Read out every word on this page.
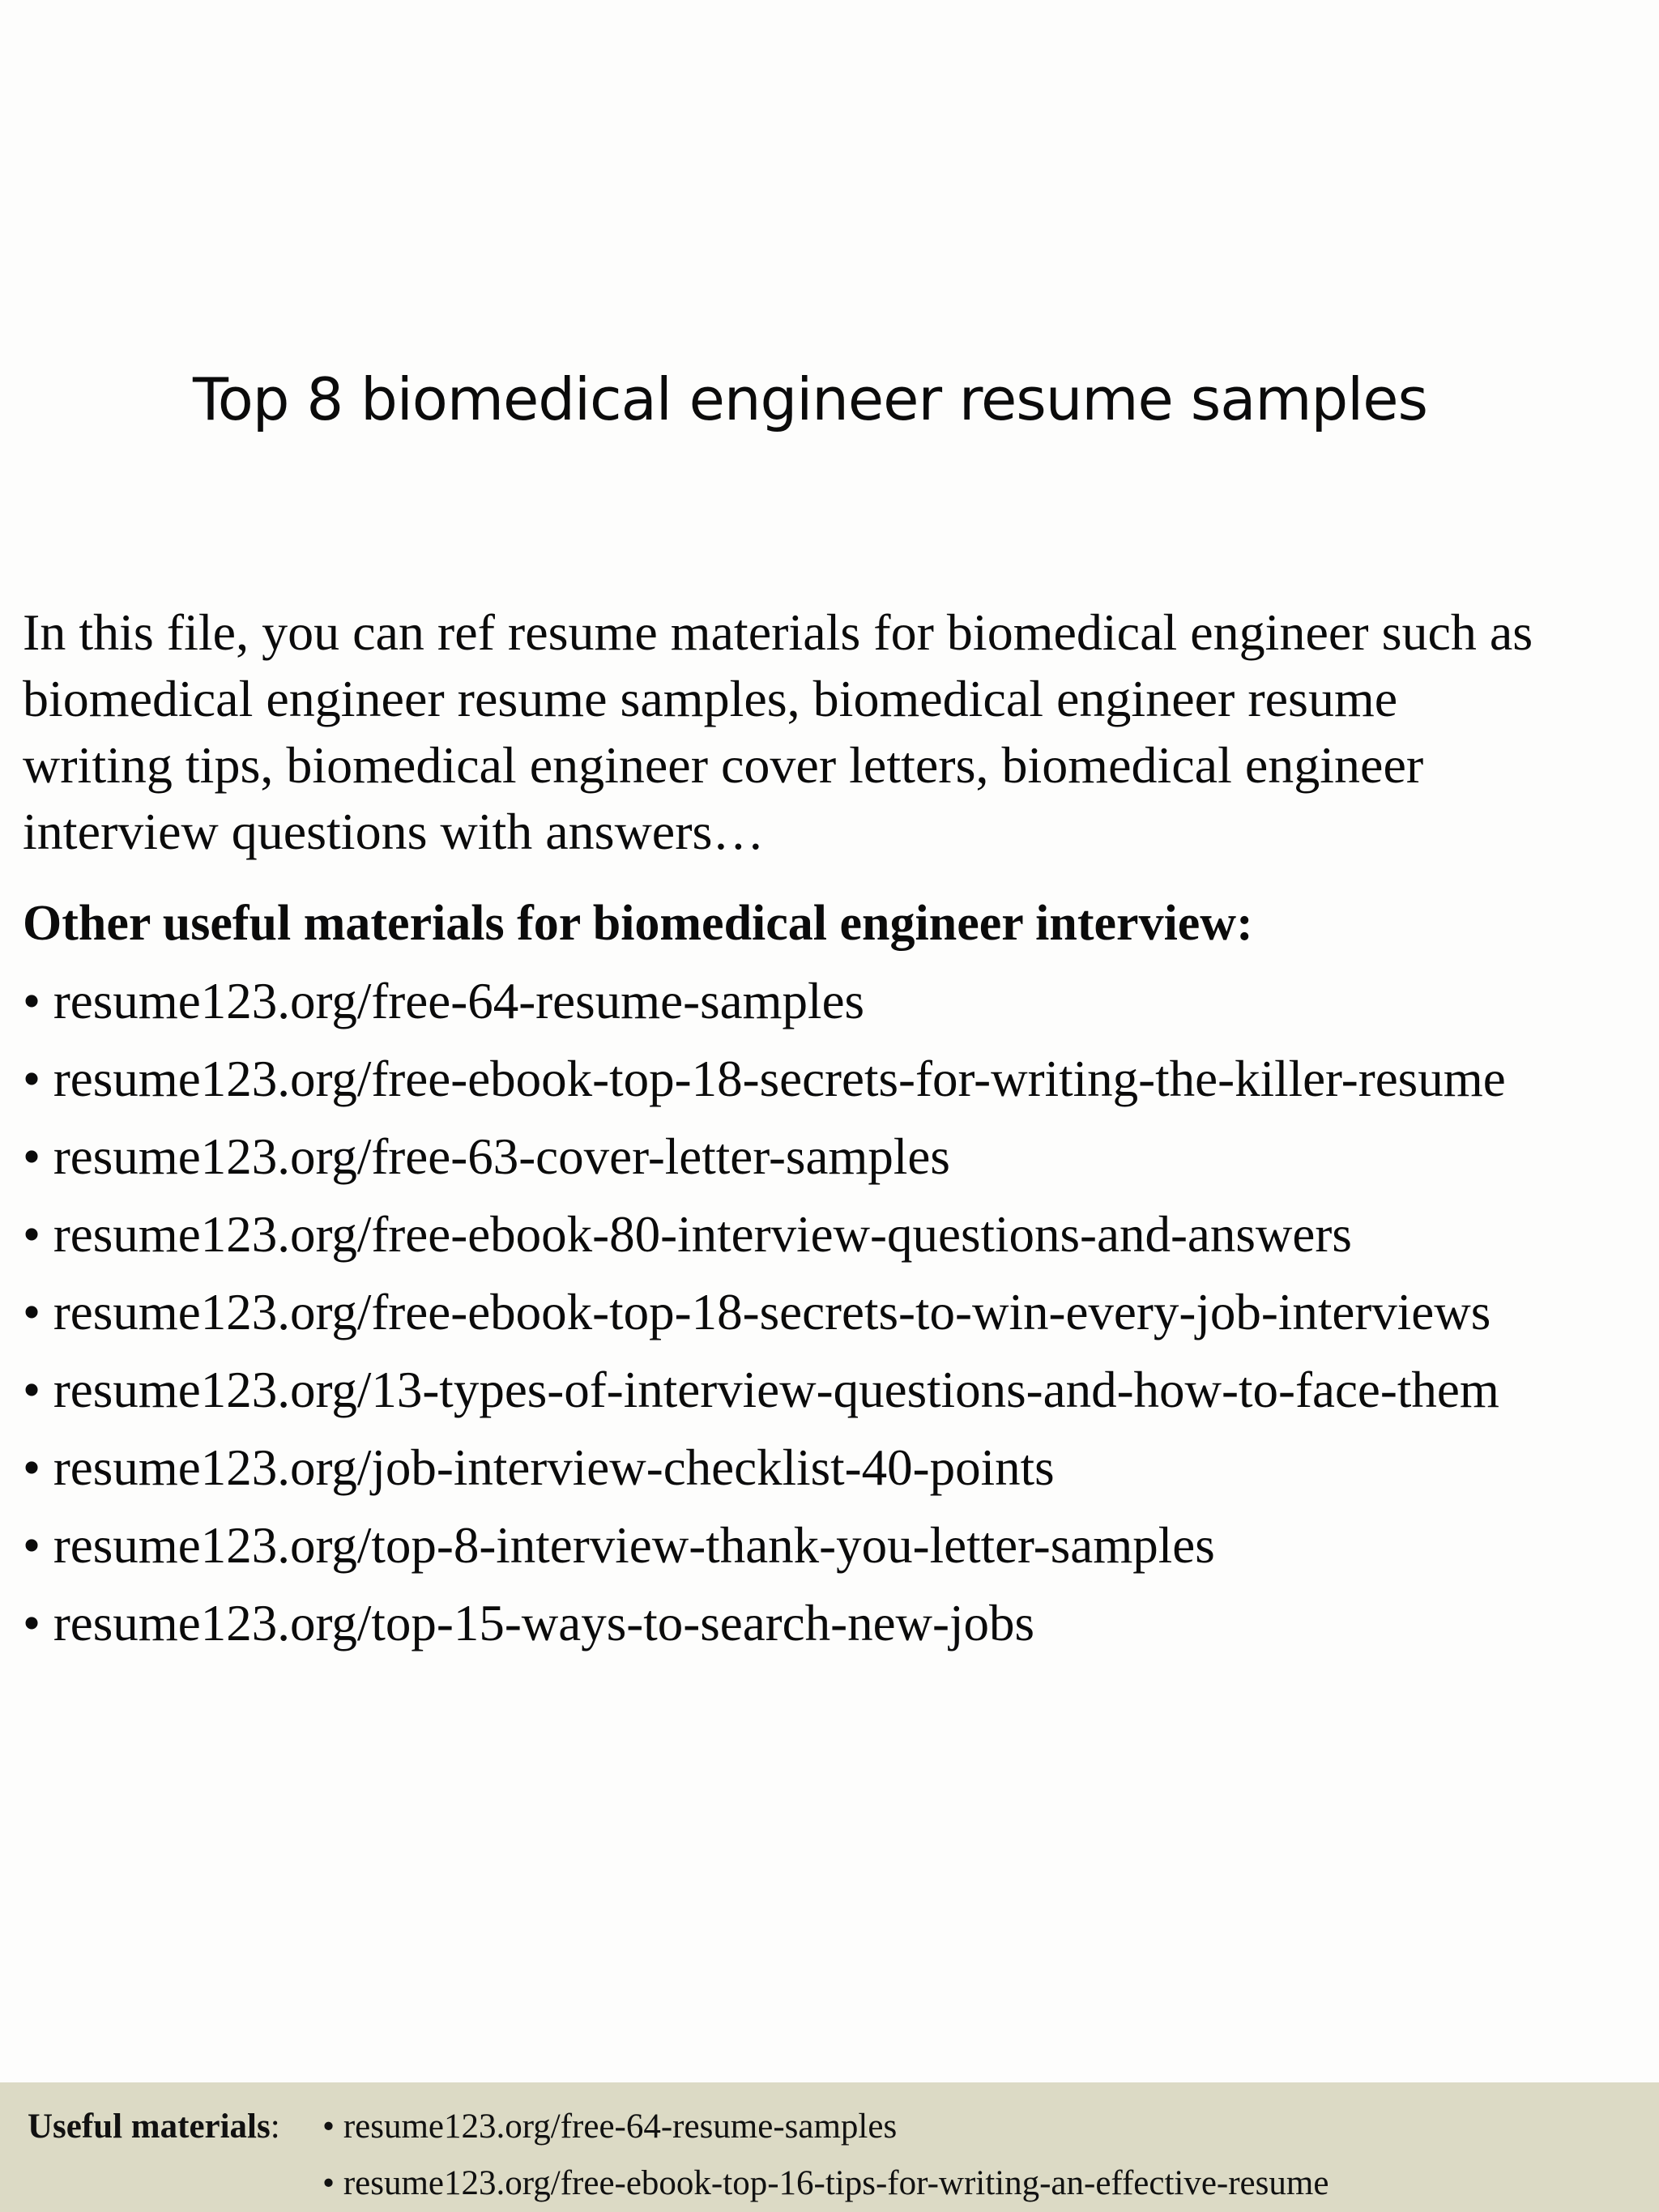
Top 8 biomedical engineer resume samples

In this file, you can ref resume materials for biomedical engineer such as
biomedical engineer resume samples, biomedical engineer resume
writing tips, biomedical engineer cover letters, biomedical engineer
interview questions with answers…

Other useful materials for biomedical engineer interview:
• resume123.org/free-64-resume-samples
• resume123.org/free-ebook-top-18-secrets-for-writing-the-killer-resume
• resume123.org/free-63-cover-letter-samples
• resume123.org/free-ebook-80-interview-questions-and-answers
• resume123.org/free-ebook-top-18-secrets-to-win-every-job-interviews
• resume123.org/13-types-of-interview-questions-and-how-to-face-them
• resume123.org/job-interview-checklist-40-points
• resume123.org/top-8-interview-thank-you-letter-samples
• resume123.org/top-15-ways-to-search-new-jobs
Useful materials: • resume123.org/free-64-resume-samples
• resume123.org/free-ebook-top-16-tips-for-writing-an-effective-resume
